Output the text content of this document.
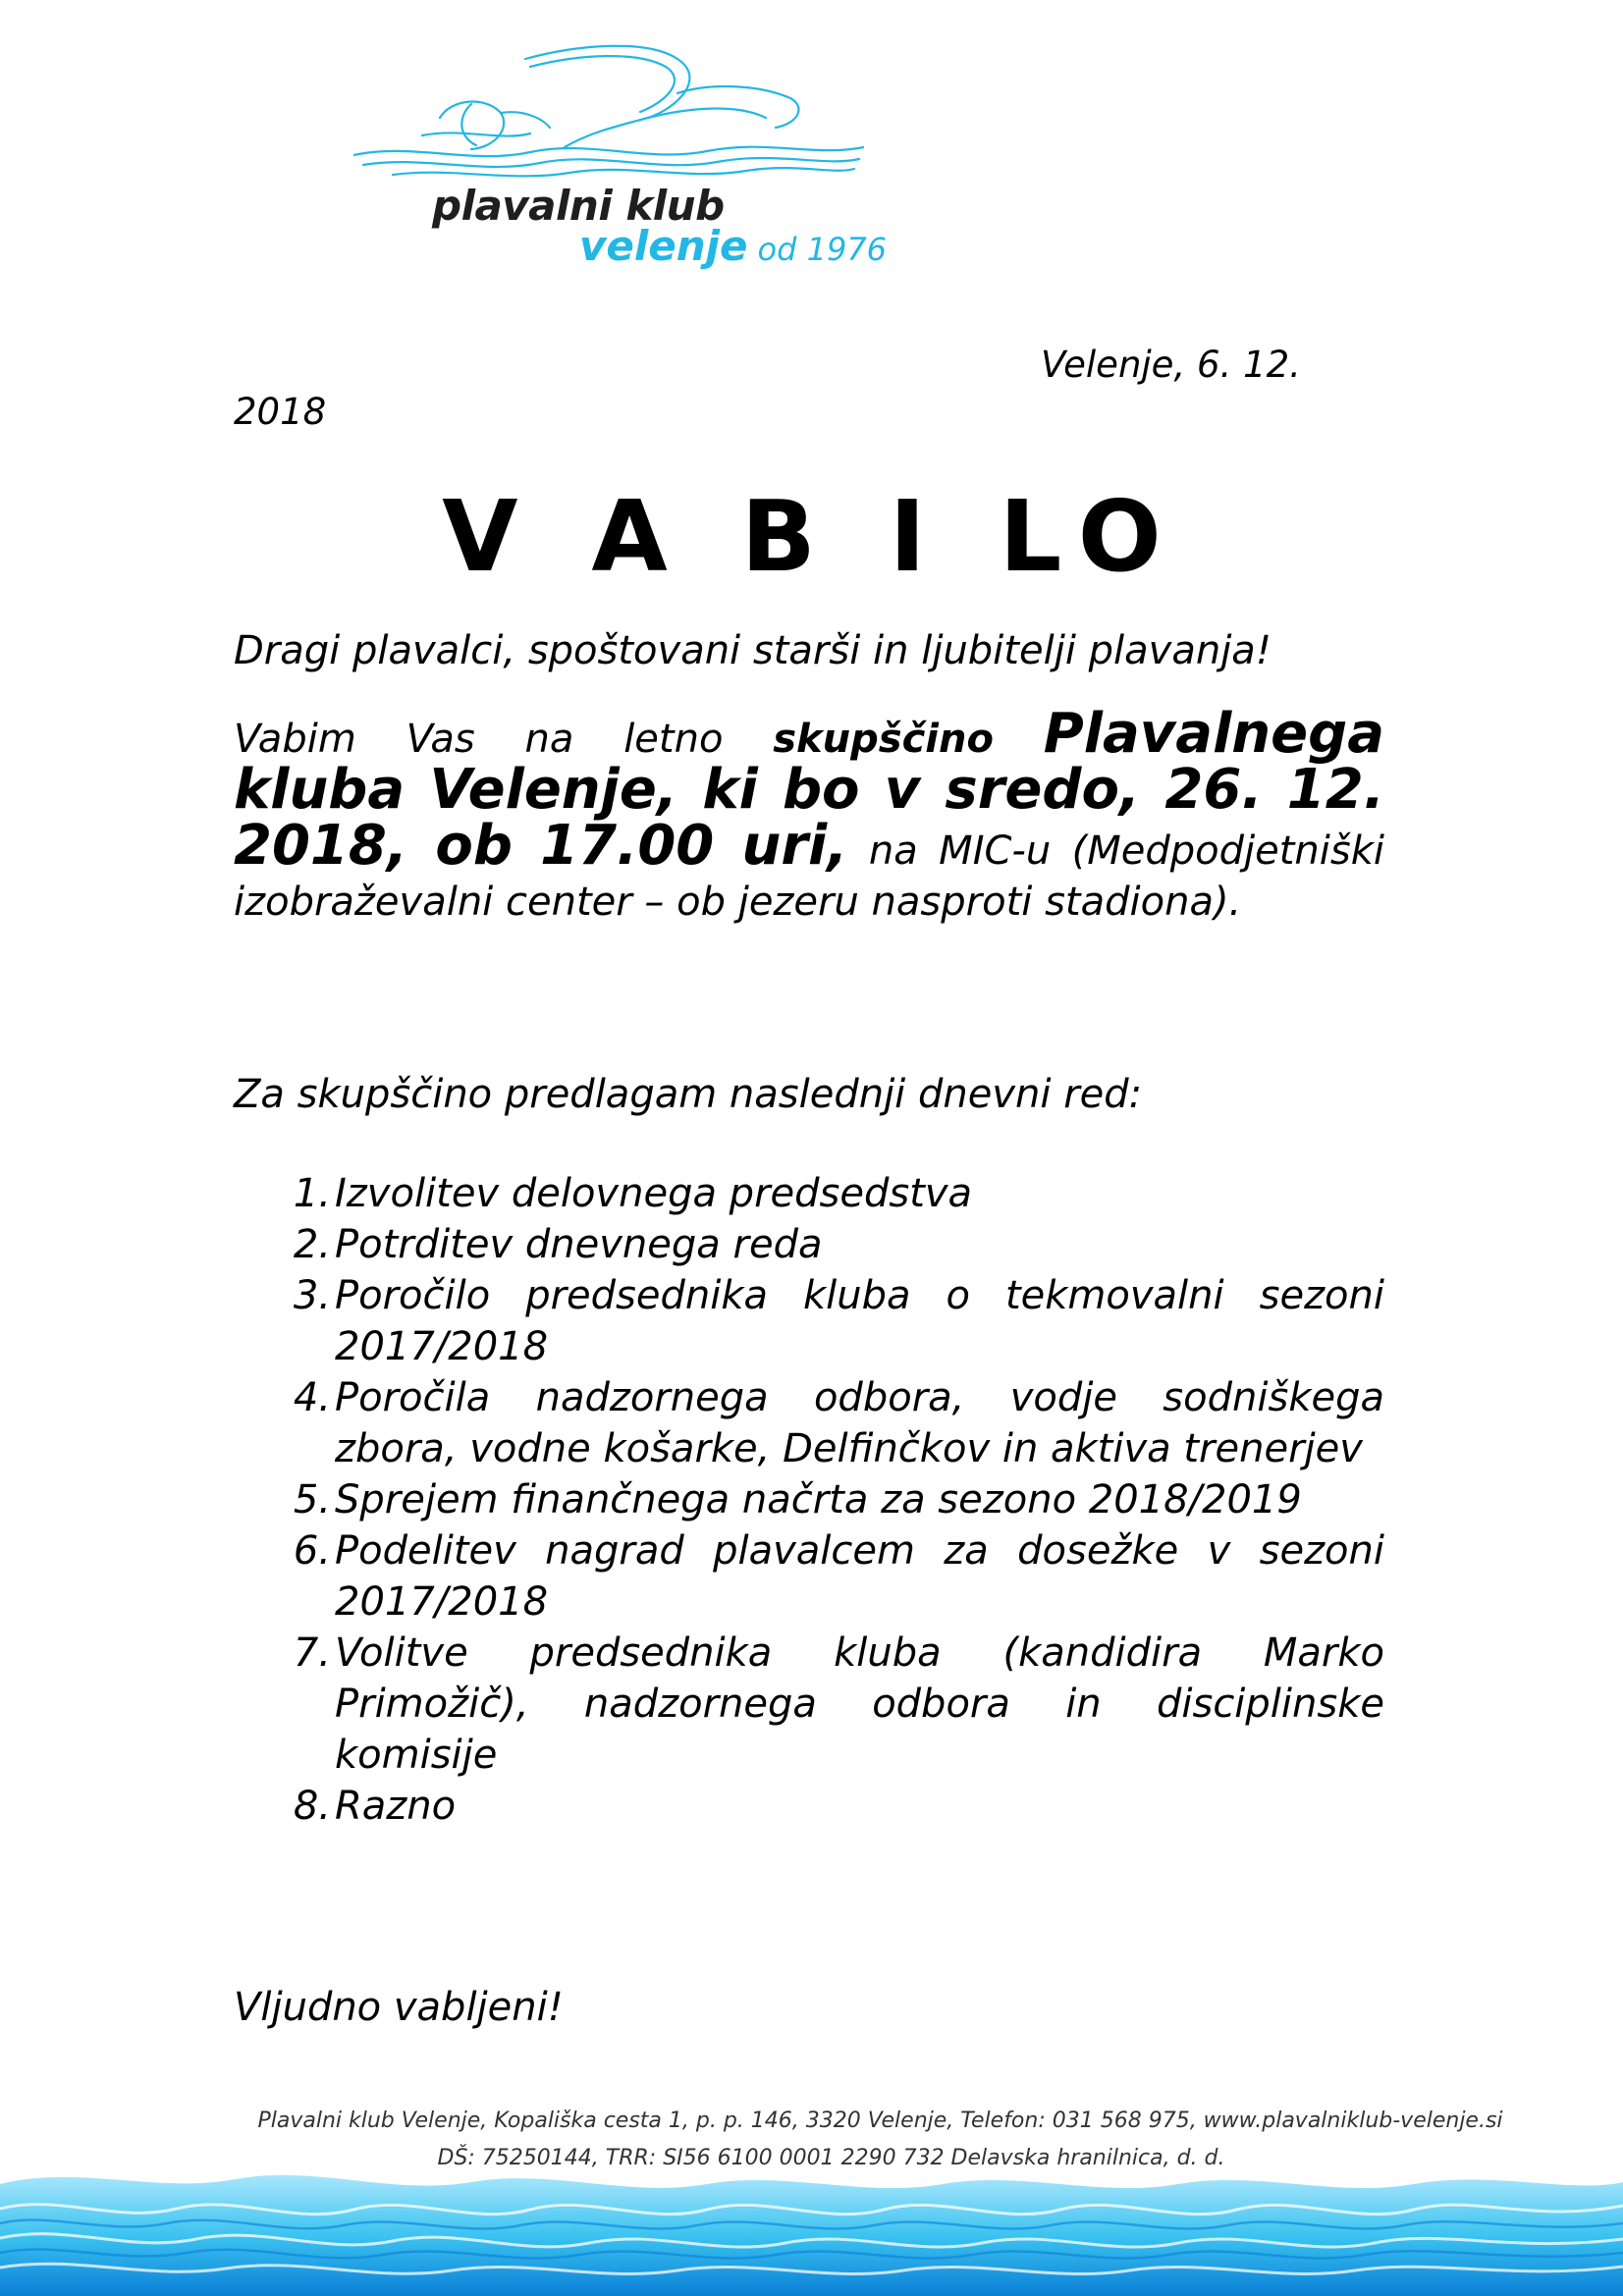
plavalni klub
velenje od 1976
Velenje, 6. 12.
2018
V A B I LO
Dragi plavalci, spoštovani starši in ljubitelji plavanja!
Vabim Vas na letno skupščino Plavalnega kluba Velenje, ki bo v sredo, 26. 12. 2018, ob 17.00 uri, na MIC-u (Medpodjetniški izobraževalni center – ob jezeru nasproti stadiona).
Za skupščino predlagam naslednji dnevni red:
1. Izvolitev delovnega predsedstva
2. Potrditev dnevnega reda
3. Poročilo predsednika kluba o tekmovalni sezoni 2017/2018
4. Poročila nadzornega odbora, vodje sodniškega zbora, vodne košarke, Delfinčkov in aktiva trenerjev
5. Sprejem finančnega načrta za sezono 2018/2019
6. Podelitev nagrad plavalcem za dosežke v sezoni 2017/2018
7. Volitve predsednika kluba (kandidira Marko Primožič), nadzornega odbora in disciplinske komisije
8. Razno
Vljudno vabljeni!
Plavalni klub Velenje, Kopališka cesta 1, p. p. 146, 3320 Velenje, Telefon: 031 568 975, www.plavalniklub-velenje.si
DŠ: 75250144, TRR: SI56 6100 0001 2290 732 Delavska hranilnica, d. d.
